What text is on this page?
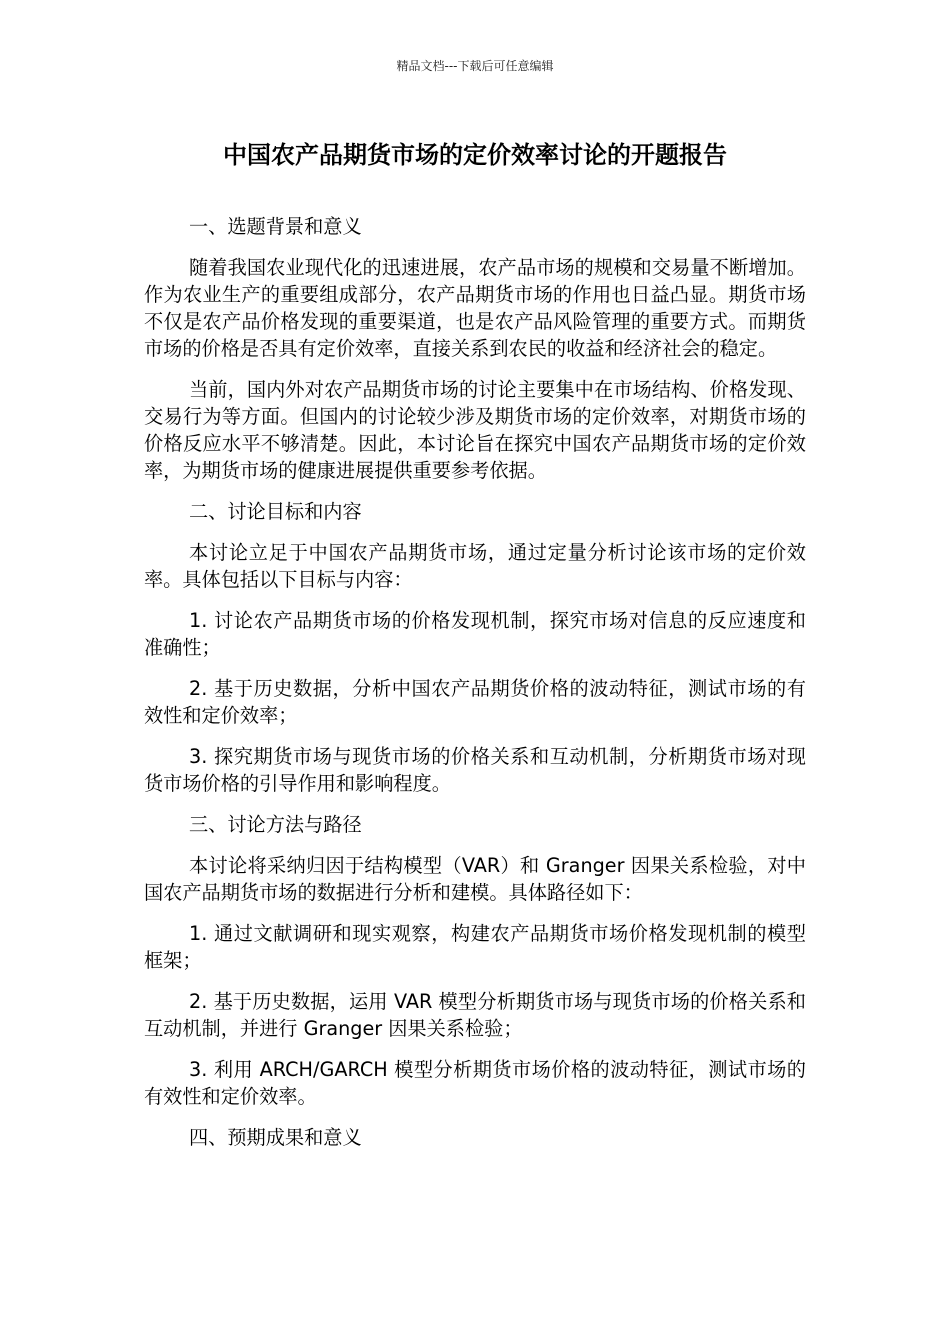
精品文档---下载后可任意编辑
中国农产品期货市场的定价效率讨论的开题报告

一、选题背景和意义

随着我国农业现代化的迅速进展，农产品市场的规模和交易量不断增加。作为农业生产的重要组成部分，农产品期货市场的作用也日益凸显。期货市场不仅是农产品价格发现的重要渠道，也是农产品风险管理的重要方式。而期货市场的价格是否具有定价效率，直接关系到农民的收益和经济社会的稳定。

当前，国内外对农产品期货市场的讨论主要集中在市场结构、价格发现、交易行为等方面。但国内的讨论较少涉及期货市场的定价效率，对期货市场的价格反应水平不够清楚。因此，本讨论旨在探究中国农产品期货市场的定价效率，为期货市场的健康进展提供重要参考依据。

二、讨论目标和内容

本讨论立足于中国农产品期货市场，通过定量分析讨论该市场的定价效率。具体包括以下目标与内容：

1. 讨论农产品期货市场的价格发现机制，探究市场对信息的反应速度和准确性；

2. 基于历史数据，分析中国农产品期货价格的波动特征，测试市场的有效性和定价效率；

3. 探究期货市场与现货市场的价格关系和互动机制，分析期货市场对现货市场价格的引导作用和影响程度。

三、讨论方法与路径

本讨论将采纳归因于结构模型（VAR）和 Granger 因果关系检验，对中国农产品期货市场的数据进行分析和建模。具体路径如下：

1. 通过文献调研和现实观察，构建农产品期货市场价格发现机制的模型框架；

2. 基于历史数据，运用 VAR 模型分析期货市场与现货市场的价格关系和互动机制，并进行 Granger 因果关系检验；

3. 利用 ARCH/GARCH 模型分析期货市场价格的波动特征，测试市场的有效性和定价效率。

四、预期成果和意义
